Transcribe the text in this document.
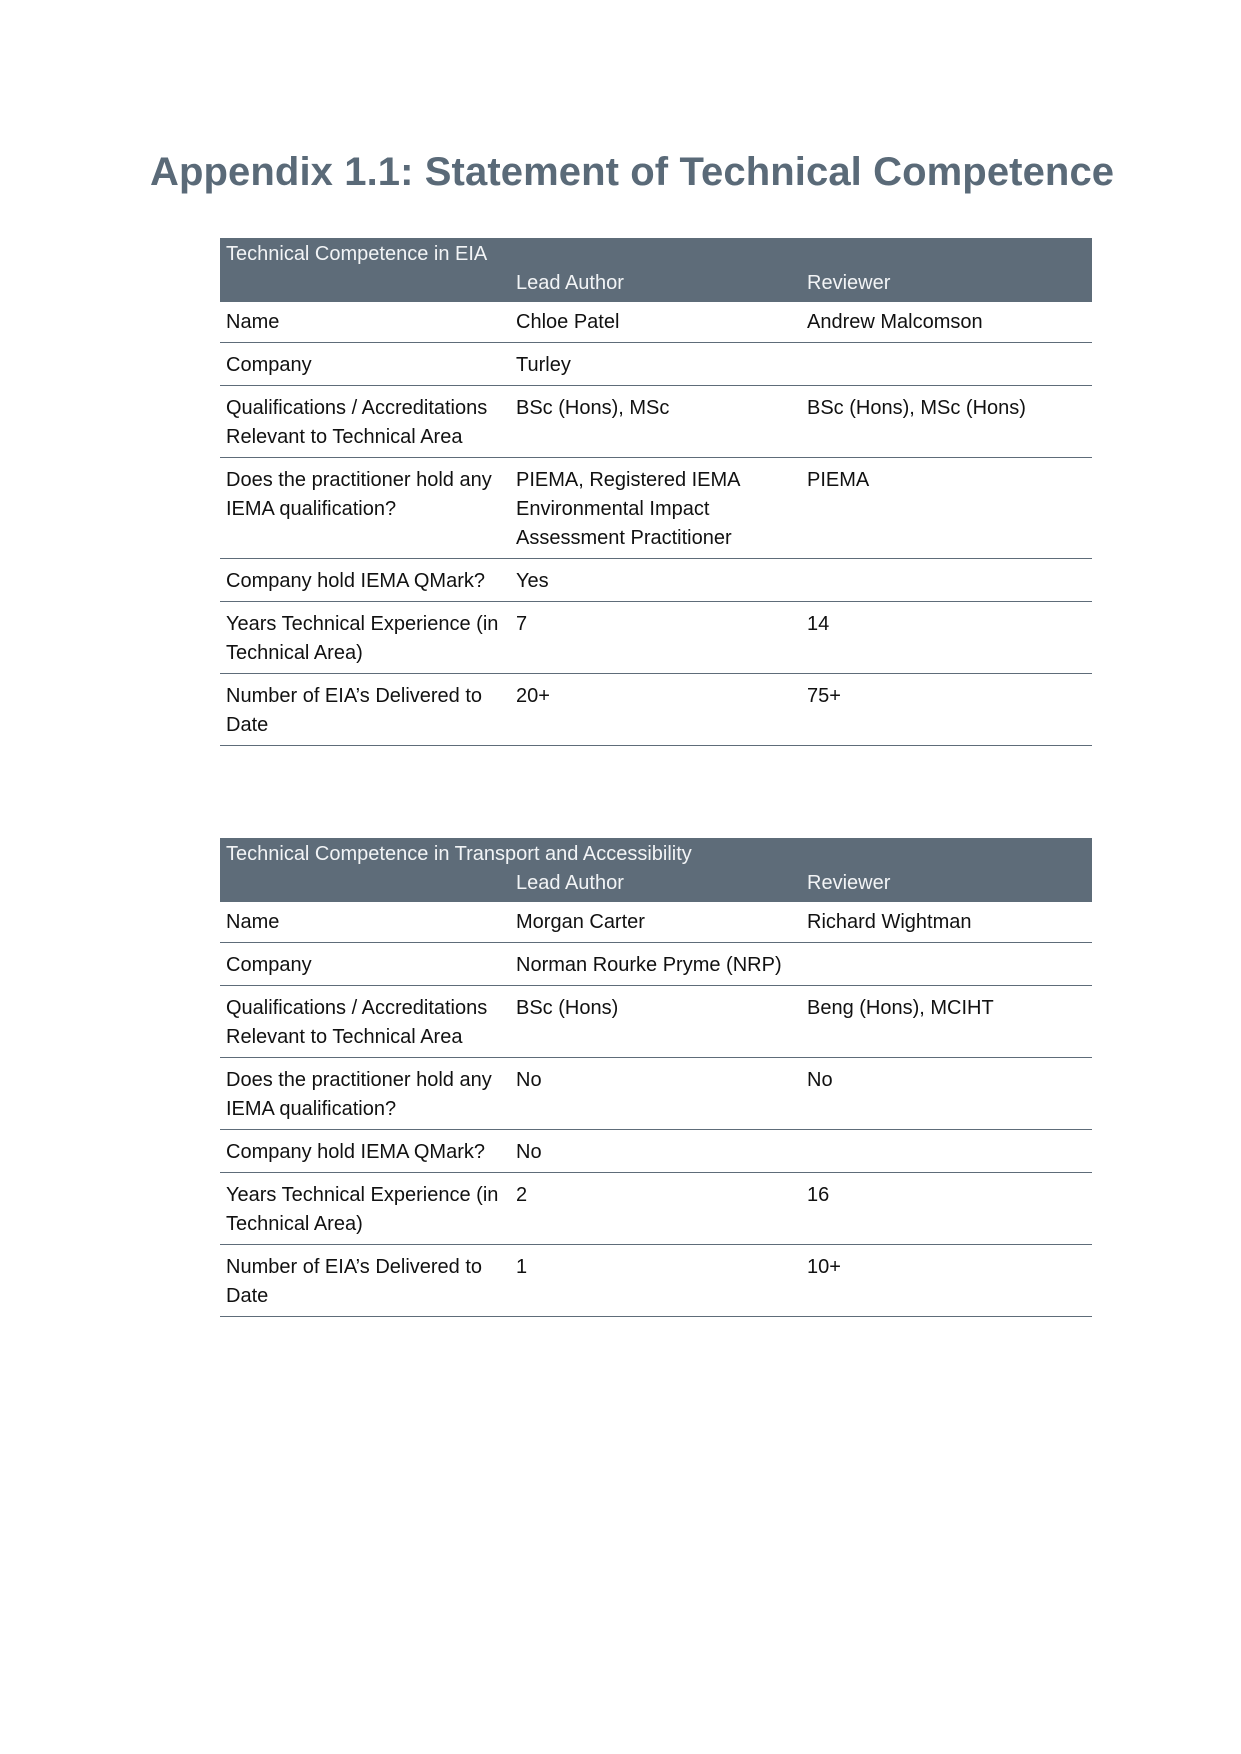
Appendix 1.1: Statement of Technical Competence
Technical Competence in EIA		
	Lead Author	Reviewer
Name	Chloe Patel	Andrew Malcomson
Company	Turley	
Qualifications / Accreditations Relevant to Technical Area	BSc (Hons), MSc	BSc (Hons), MSc (Hons)
Does the practitioner hold any IEMA qualification?	PIEMA, Registered IEMA Environmental Impact Assessment Practitioner	PIEMA
Company hold IEMA QMark?	Yes	
Years Technical Experience (in Technical Area)	7	14
Number of EIA’s Delivered to Date	20+	75+
Technical Competence in Transport and Accessibility		
	Lead Author	Reviewer
Name	Morgan Carter	Richard Wightman
Company	Norman Rourke Pryme (NRP)	
Qualifications / Accreditations Relevant to Technical Area	BSc (Hons)	Beng (Hons), MCIHT
Does the practitioner hold any IEMA qualification?	No	No
Company hold IEMA QMark?	No	
Years Technical Experience (in Technical Area)	2	16
Number of EIA’s Delivered to Date	1	10+
